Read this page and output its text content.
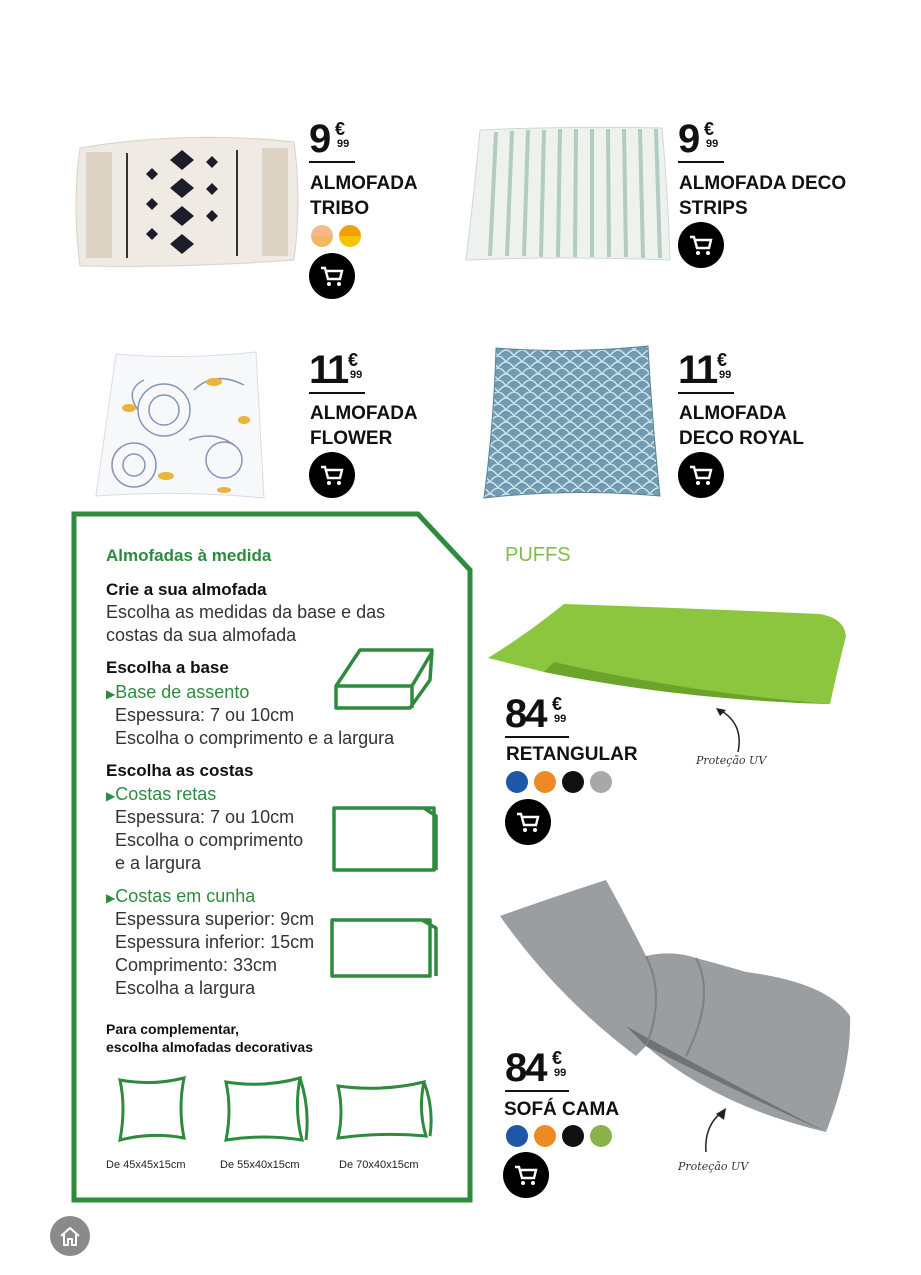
9 €
99
ALMOFADA
TRIBO
9 €
99
ALMOFADA DECO
STRIPS
11 €
99
ALMOFADA
FLOWER
11 €
99
ALMOFADA
DECO ROYAL
Almofadas à medida
Crie a sua almofada
Escolha as medidas da base e das
costas da sua almofada
Escolha a base
▶Base de assento
Espessura: 7 ou 10cm
Escolha o comprimento e a largura
Escolha as costas
▶Costas retas
Espessura: 7 ou 10cm
Escolha o comprimento
e a largura
▶Costas em cunha
Espessura superior: 9cm
Espessura inferior: 15cm
Comprimento: 33cm
Escolha a largura
Para complementar,
escolha almofadas decorativas
De 45x45x15cm	De 55x40x15cm	De 70x40x15cm
PUFFS
Proteção UV
84 €
99
RETANGULAR
Proteção UV
84 €
99
SOFÁ CAMA
